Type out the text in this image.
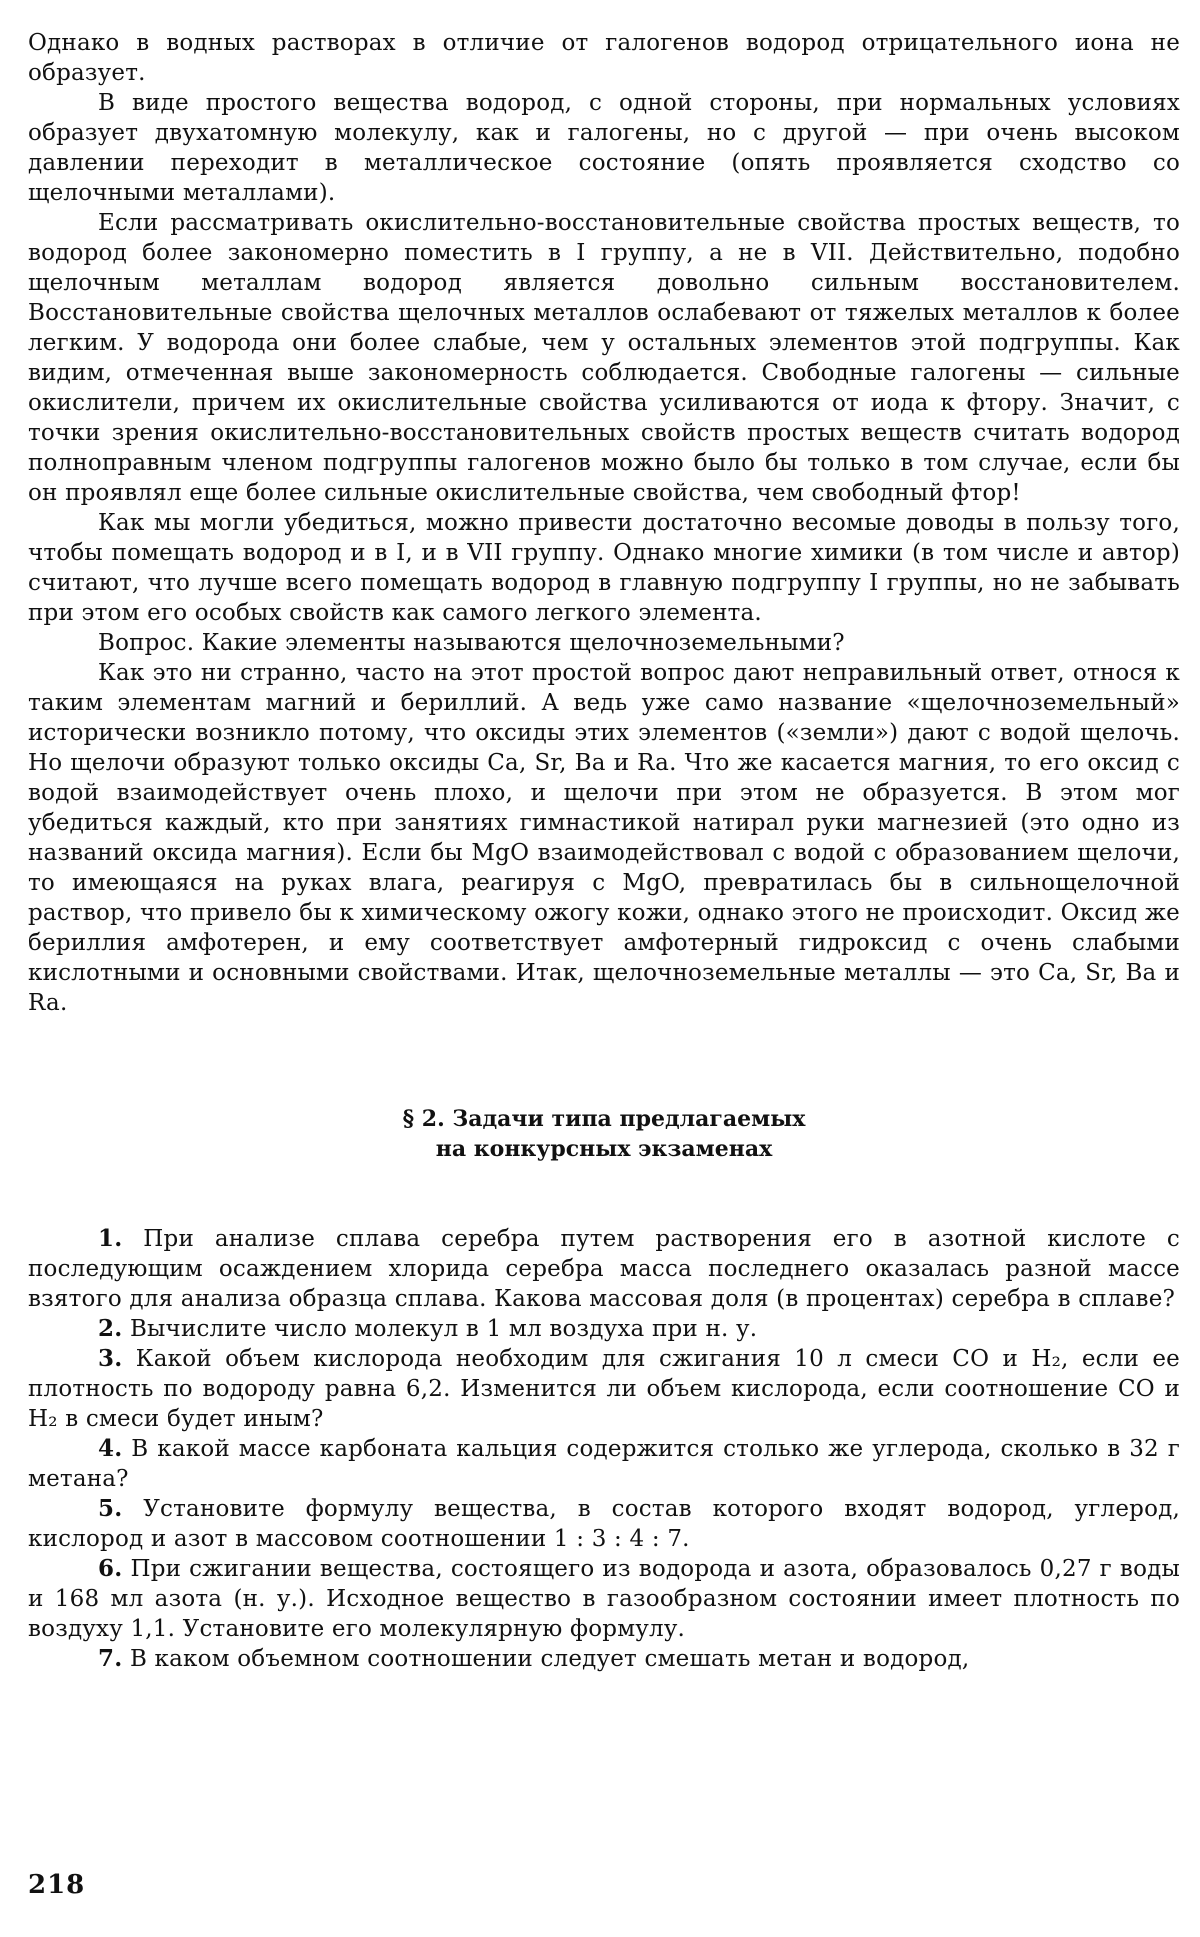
Однако в водных растворах в отличие от галогенов водород отрицательного иона не образует.

В виде простого вещества водород, с одной стороны, при нормальных условиях образует двухатомную молекулу, как и галогены, но с другой — при очень высоком давлении переходит в металлическое состояние (опять проявляется сходство со щелочными металлами).

Если рассматривать окислительно-восстановительные свойства простых веществ, то водород более закономерно поместить в I группу, а не в VII. Действительно, подобно щелочным металлам водород является довольно сильным восстановителем. Восстановительные свойства щелочных металлов ослабевают от тяжелых металлов к более легким. У водорода они более слабые, чем у остальных элементов этой подгруппы. Как видим, отмеченная выше закономерность соблюдается. Свободные галогены — сильные окислители, причем их окислительные свойства усиливаются от иода к фтору. Значит, с точки зрения окислительно-восстановительных свойств простых веществ считать водород полноправным членом подгруппы галогенов можно было бы только в том случае, если бы он проявлял еще более сильные окислительные свойства, чем свободный фтор!

Как мы могли убедиться, можно привести достаточно весомые доводы в пользу того, чтобы помещать водород и в I, и в VII группу. Однако многие химики (в том числе и автор) считают, что лучше всего помещать водород в главную подгруппу I группы, но не забывать при этом его особых свойств как самого легкого элемента.

Вопрос. Какие элементы называются щелочноземельными?

Как это ни странно, часто на этот простой вопрос дают неправильный ответ, относя к таким элементам магний и бериллий. А ведь уже само название «щелочноземельный» исторически возникло потому, что оксиды этих элементов («земли») дают с водой щелочь. Но щелочи образуют только оксиды Ca, Sr, Ba и Ra. Что же касается магния, то его оксид с водой взаимодействует очень плохо, и щелочи при этом не образуется. В этом мог убедиться каждый, кто при занятиях гимнастикой натирал руки магнезией (это одно из названий оксида магния). Если бы MgO взаимодействовал с водой с образованием щелочи, то имеющаяся на руках влага, реагируя с MgO, превратилась бы в сильнощелочной раствор, что привело бы к химическому ожогу кожи, однако этого не происходит. Оксид же бериллия амфотерен, и ему соответствует амфотерный гидроксид с очень слабыми кислотными и основными свойствами. Итак, щелочноземельные металлы — это Ca, Sr, Ba и Ra.

§ 2. Задачи типа предлагаемых
на конкурсных экзаменах

1. При анализе сплава серебра путем растворения его в азотной кислоте с последующим осаждением хлорида серебра масса последнего оказалась разной массе взятого для анализа образца сплава. Какова массовая доля (в процентах) серебра в сплаве?

2. Вычислите число молекул в 1 мл воздуха при н. у.

3. Какой объем кислорода необходим для сжигания 10 л смеси CO и H₂, если ее плотность по водороду равна 6,2. Изменится ли объем кислорода, если соотношение CO и H₂ в смеси будет иным?

4. В какой массе карбоната кальция содержится столько же углерода, сколько в 32 г метана?

5. Установите формулу вещества, в состав которого входят водород, углерод, кислород и азот в массовом соотношении 1 : 3 : 4 : 7.

6. При сжигании вещества, состоящего из водорода и азота, образовалось 0,27 г воды и 168 мл азота (н. у.). Исходное вещество в газообразном состоянии имеет плотность по воздуху 1,1. Установите его молекулярную формулу.

7. В каком объемном соотношении следует смешать метан и водород,

218
